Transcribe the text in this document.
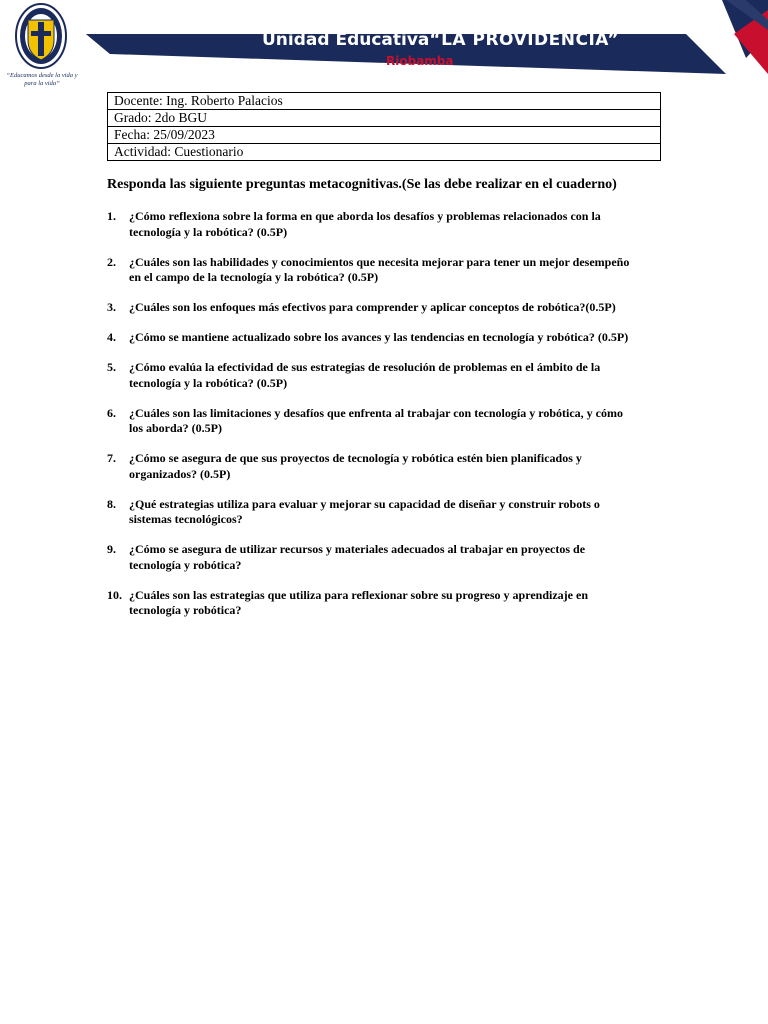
“Educamos desde la vida y para la vida”
Unidad Educativa“LA PROVIDENCIA”
Riobamba
Docente: Ing. Roberto Palacios
Grado: 2do BGU
Fecha: 25/09/2023
Actividad: Cuestionario
Responda las siguiente preguntas metacognitivas.(Se las debe realizar en el cuaderno)
1. ¿Cómo reflexiona sobre la forma en que aborda los desafíos y problemas relacionados con la
tecnología y la robótica? (0.5P)
2. ¿Cuáles son las habilidades y conocimientos que necesita mejorar para tener un mejor desempeño
en el campo de la tecnología y la robótica? (0.5P)
3. ¿Cuáles son los enfoques más efectivos para comprender y aplicar conceptos de robótica?(0.5P)
4. ¿Cómo se mantiene actualizado sobre los avances y las tendencias en tecnología y robótica? (0.5P)
5. ¿Cómo evalúa la efectividad de sus estrategias de resolución de problemas en el ámbito de la
tecnología y la robótica? (0.5P)
6. ¿Cuáles son las limitaciones y desafíos que enfrenta al trabajar con tecnología y robótica, y cómo
los aborda? (0.5P)
7. ¿Cómo se asegura de que sus proyectos de tecnología y robótica estén bien planificados y
organizados? (0.5P)
8. ¿Qué estrategias utiliza para evaluar y mejorar su capacidad de diseñar y construir robots o
sistemas tecnológicos?
9. ¿Cómo se asegura de utilizar recursos y materiales adecuados al trabajar en proyectos de
tecnología y robótica?
10. ¿Cuáles son las estrategias que utiliza para reflexionar sobre su progreso y aprendizaje en
tecnología y robótica?
